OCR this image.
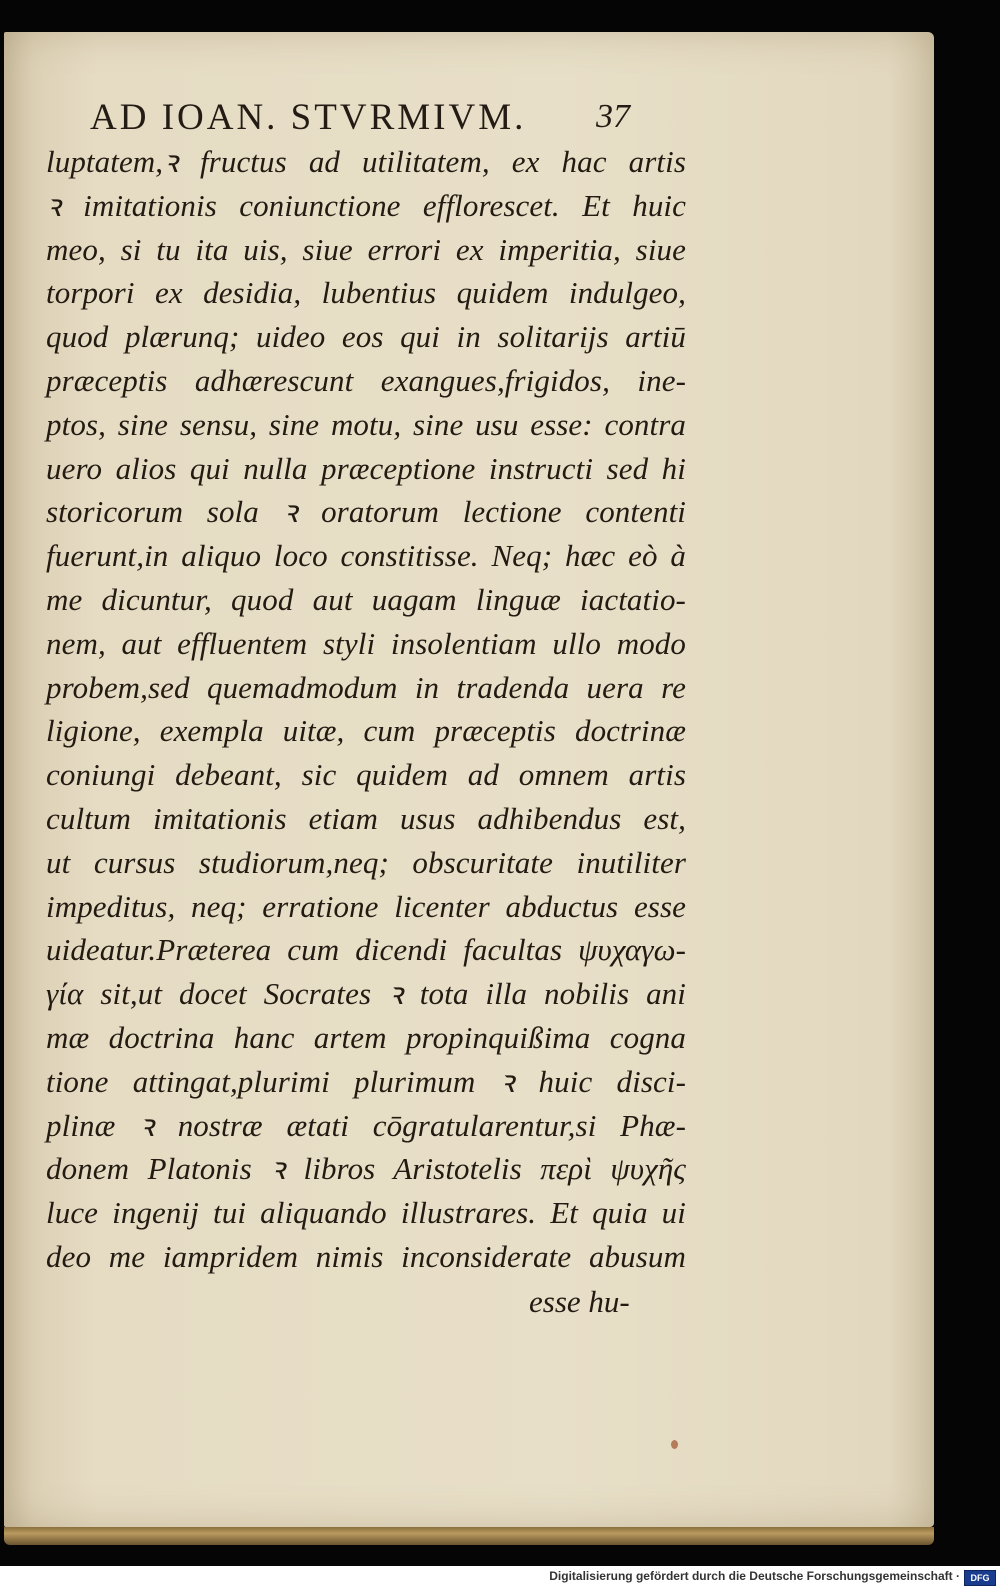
AD IOAN. STVRMIVM.	37
luptatem,ꝛ fructus ad utilitatem, ex hac artis
ꝛ imitationis coniunctione efflorescet. Et huic
meo, si tu ita uis, siue errori ex imperitia, siue
torpori ex desidia, lubentius quidem indulgeo,
quod plærunq; uideo eos qui in solitarijs artiū
præceptis adhærescunt exangues,frigidos, ine-
ptos, sine sensu, sine motu, sine usu esse: contra
uero alios qui nulla præceptione instructi sed hi
storicorum sola ꝛ oratorum lectione contenti
fuerunt,in aliquo loco constitisse. Neq; hæc eò à
me dicuntur, quod aut uagam linguæ iactatio-
nem, aut effluentem styli insolentiam ullo modo
probem,sed quemadmodum in tradenda uera re
ligione, exempla uitæ, cum præceptis doctrinæ
coniungi debeant, sic quidem ad omnem artis
cultum imitationis etiam usus adhibendus est,
ut cursus studiorum,neq; obscuritate inutiliter
impeditus, neq; erratione licenter abductus esse
uideatur.Præterea cum dicendi facultas ψυχαγω-
γία sit,ut docet Socrates ꝛ tota illa nobilis ani
mæ doctrina hanc artem propinquißima cogna
tione attingat,plurimi plurimum ꝛ huic disci-
plinæ ꝛ nostræ ætati cōgratularentur,si Phæ-
donem Platonis ꝛ libros Aristotelis περὶ ψυχῆς
luce ingenij tui aliquando illustrares. Et quia ui
deo me iampridem nimis inconsiderate abusum
esse hu-
Digitalisierung gefördert durch die Deutsche Forschungsgemeinschaft ·	DFG
